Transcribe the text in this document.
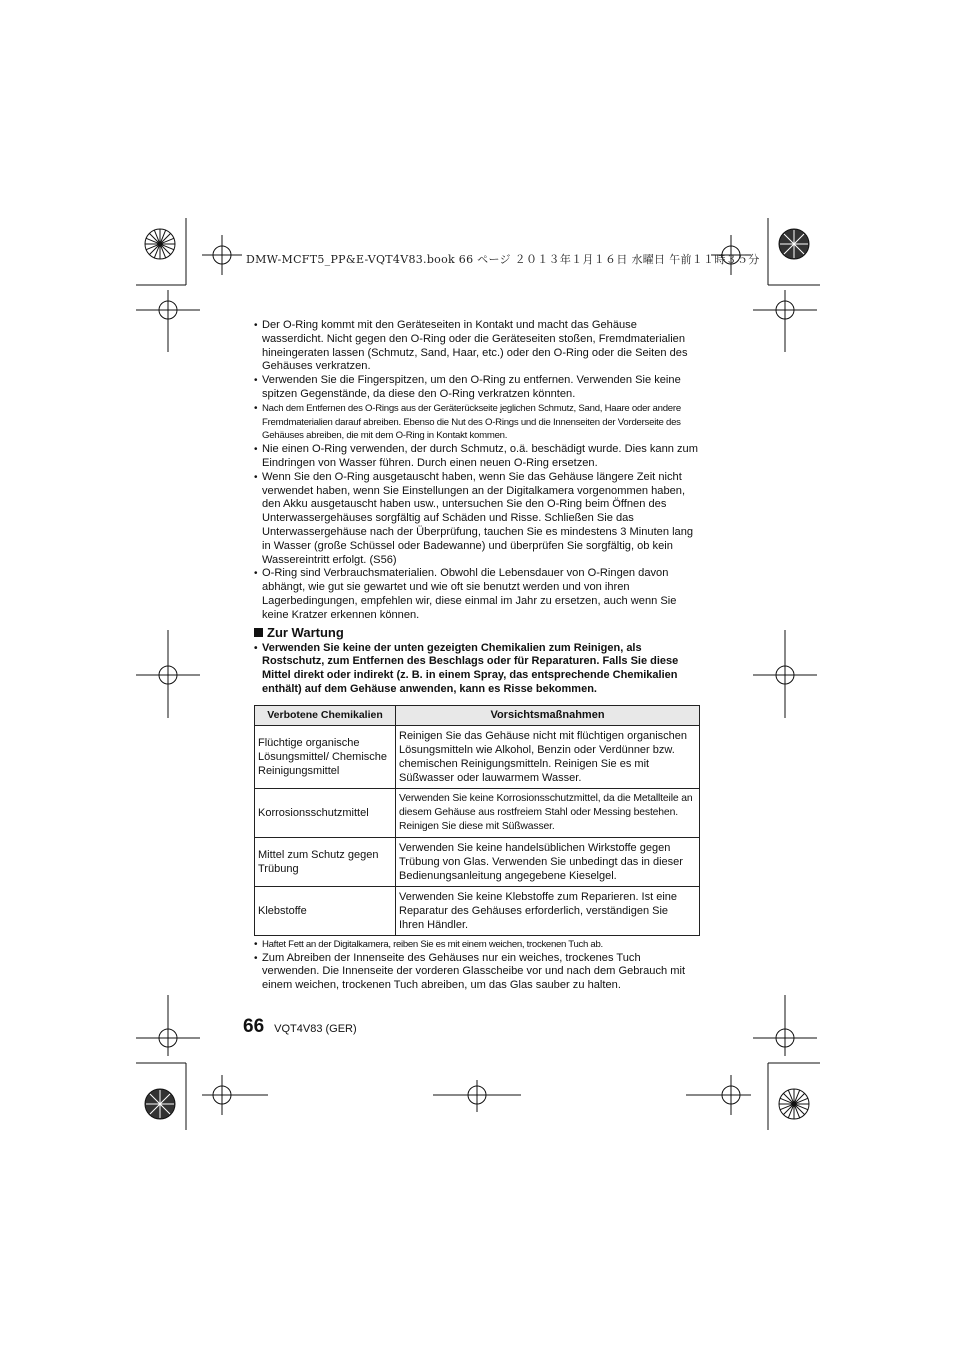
DMW-MCFT5_PP&E-VQT4V83.book 66 ページ ２０１３年１月１６日 水曜日 午前１１時３５分

• Der O-Ring kommt mit den Geräteseiten in Kontakt und macht das Gehäuse wasserdicht. Nicht gegen den O-Ring oder die Geräteseiten stoßen, Fremdmaterialien hineingeraten lassen (Schmutz, Sand, Haar, etc.) oder den O-Ring oder die Seiten des Gehäuses verkratzen.

• Verwenden Sie die Fingerspitzen, um den O-Ring zu entfernen. Verwenden Sie keine spitzen Gegenstände, da diese den O-Ring verkratzen könnten.

• Nach dem Entfernen des O-Rings aus der Geräterückseite jeglichen Schmutz, Sand, Haare oder andere Fremdmaterialien darauf abreiben. Ebenso die Nut des O-Rings und die Innenseiten der Vorderseite des Gehäuses abreiben, die mit dem O-Ring in Kontakt kommen.

• Nie einen O-Ring verwenden, der durch Schmutz, o.ä. beschädigt wurde. Dies kann zum Eindringen von Wasser führen. Durch einen neuen O-Ring ersetzen.

• Wenn Sie den O-Ring ausgetauscht haben, wenn Sie das Gehäuse längere Zeit nicht verwendet haben, wenn Sie Einstellungen an der Digitalkamera vorgenommen haben, den Akku ausgetauscht haben usw., untersuchen Sie den O-Ring beim Öffnen des Unterwassergehäuses sorgfältig auf Schäden und Risse. Schließen Sie das Unterwassergehäuse nach der Überprüfung, tauchen Sie es mindestens 3 Minuten lang in Wasser (große Schüssel oder Badewanne) und überprüfen Sie sorgfältig, ob kein Wassereintritt erfolgt. (S56)

• O-Ring sind Verbrauchsmaterialien. Obwohl die Lebensdauer von O-Ringen davon abhängt, wie gut sie gewartet und wie oft sie benutzt werden und von ihren Lagerbedingungen, empfehlen wir, diese einmal im Jahr zu ersetzen, auch wenn Sie keine Kratzer erkennen können.

Zur Wartung

• Verwenden Sie keine der unten gezeigten Chemikalien zum Reinigen, als Rostschutz, zum Entfernen des Beschlags oder für Reparaturen. Falls Sie diese Mittel direkt oder indirekt (z. B. in einem Spray, das entsprechende Chemikalien enthält) auf dem Gehäuse anwenden, kann es Risse bekommen.

Verbotene Chemikalien	Vorsichtsmaßnahmen
Flüchtige organische Lösungsmittel/ Chemische Reinigungsmittel	Reinigen Sie das Gehäuse nicht mit flüchtigen organischen Lösungsmitteln wie Alkohol, Benzin oder Verdünner bzw. chemischen Reinigungsmitteln. Reinigen Sie es mit Süßwasser oder lauwarmem Wasser.
Korrosionsschutzmittel	Verwenden Sie keine Korrosionsschutzmittel, da die Metallteile an diesem Gehäuse aus rostfreiem Stahl oder Messing bestehen. Reinigen Sie diese mit Süßwasser.
Mittel zum Schutz gegen Trübung	Verwenden Sie keine handelsüblichen Wirkstoffe gegen Trübung von Glas. Verwenden Sie unbedingt das in dieser Bedienungsanleitung angegebene Kieselgel.
Klebstoffe	Verwenden Sie keine Klebstoffe zum Reparieren. Ist eine Reparatur des Gehäuses erforderlich, verständigen Sie Ihren Händler.

• Haftet Fett an der Digitalkamera, reiben Sie es mit einem weichen, trockenen Tuch ab.

• Zum Abreiben der Innenseite des Gehäuses nur ein weiches, trockenes Tuch verwenden. Die Innenseite der vorderen Glasscheibe vor und nach dem Gebrauch mit einem weichen, trockenen Tuch abreiben, um das Glas sauber zu halten.

66 VQT4V83 (GER)
